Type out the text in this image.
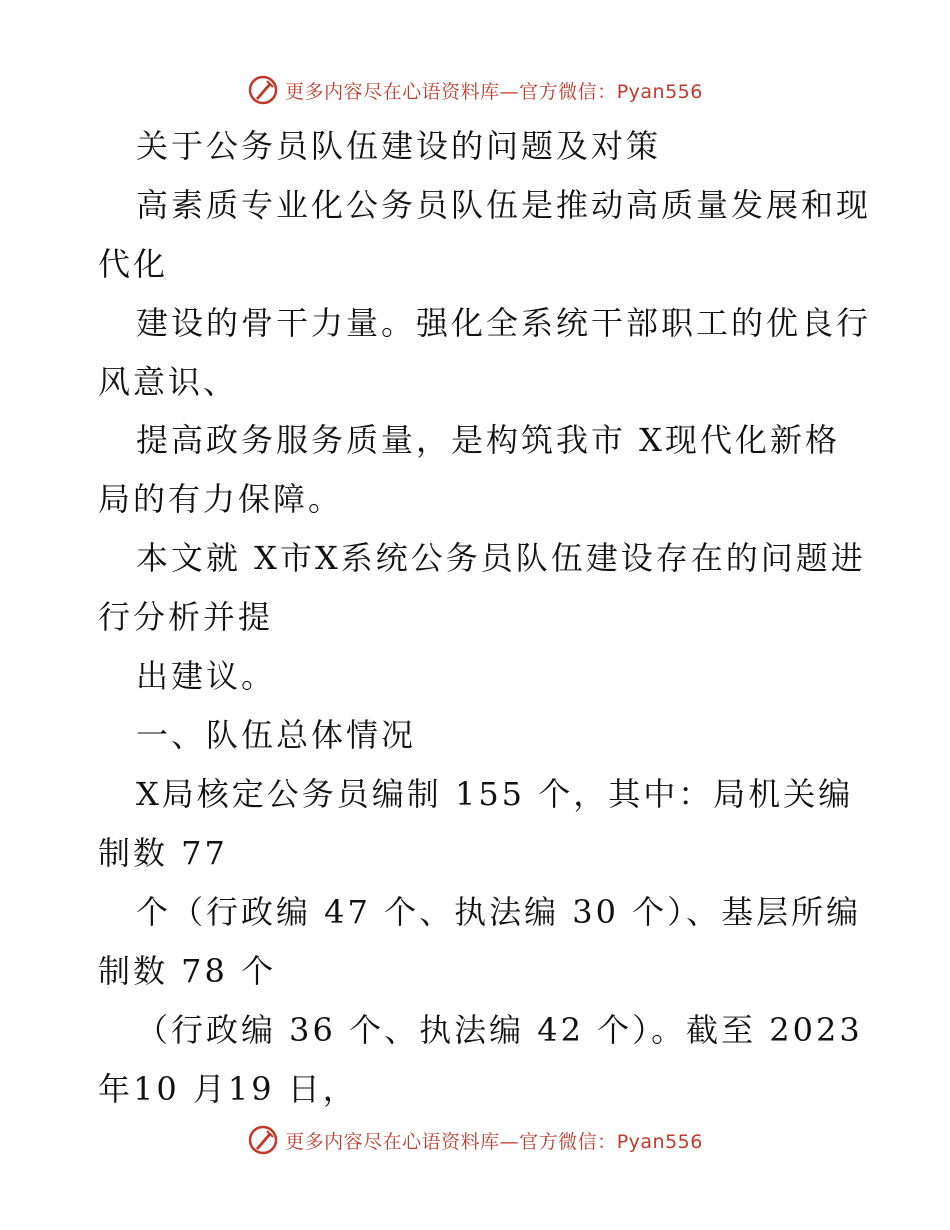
更多内容尽在心语资料库—官方微信：Pyan556
关于公务员队伍建设的问题及对策
高素质专业化公务员队伍是推动高质量发展和现
代化
建设的骨干力量。强化全系统干部职工的优良行
风意识、
提高政务服务质量，是构筑我市 X现代化新格
局的有力保障。
本文就 X市X系统公务员队伍建设存在的问题进
行分析并提
出建议。
一、队伍总体情况
X局核定公务员编制 155 个，其中：局机关编
制数 77
个（行政编 47 个、执法编 30 个）、基层所编
制数 78 个
（行政编 36 个、执法编 42 个）。截至 2023
年10 月19 日，
更多内容尽在心语资料库—官方微信：Pyan556
